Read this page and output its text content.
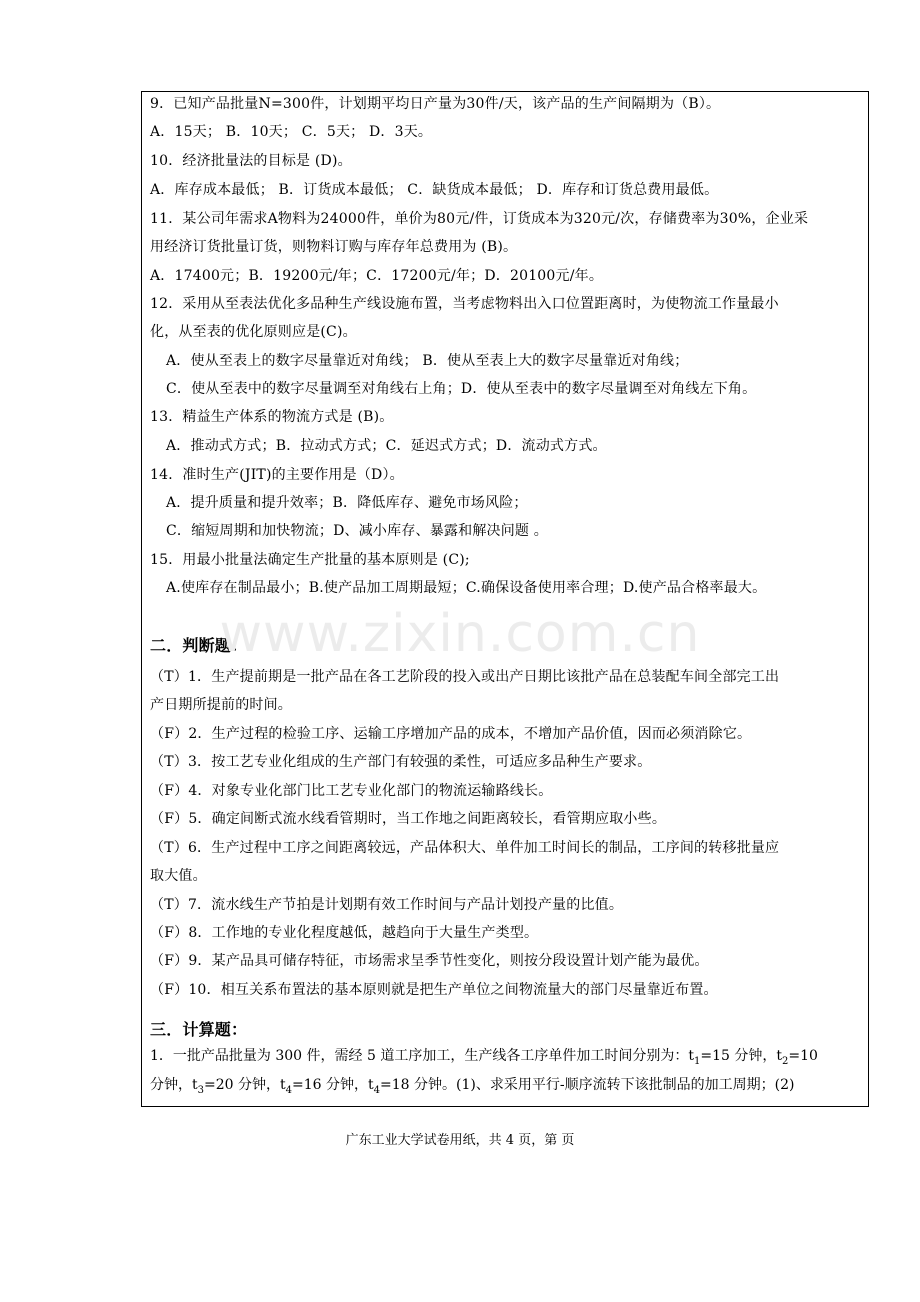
9．已知产品批量N=300件，计划期平均日产量为30件/天，该产品的生产间隔期为（B）。
A．15天； B．10天； C．5天； D．3天。
10．经济批量法的目标是 (D)。
A．库存成本最低； B．订货成本最低； C．缺货成本最低； D．库存和订货总费用最低。
11．某公司年需求A物料为24000件，单价为80元/件，订货成本为320元/次，存储费率为30%，企业采
用经济订货批量订货，则物料订购与库存年总费用为 (B)。
A．17400元；B．19200元/年；C．17200元/年；D．20100元/年。
12．采用从至表法优化多品种生产线设施布置，当考虑物料出入口位置距离时，为使物流工作量最小
化，从至表的优化原则应是(C)。
A．使从至表上的数字尽量靠近对角线； B．使从至表上大的数字尽量靠近对角线；
C．使从至表中的数字尽量调至对角线右上角；D．使从至表中的数字尽量调至对角线左下角。
13．精益生产体系的物流方式是 (B)。
A．推动式方式；B．拉动式方式；C．延迟式方式；D．流动式方式。
14．准时生产(JIT)的主要作用是（D）。
A．提升质量和提升效率；B．降低库存、避免市场风险；
C．缩短周期和加快物流；D、减小库存、暴露和解决问题 。
15．用最小批量法确定生产批量的基本原则是 (C);
A.使库存在制品最小；B.使产品加工周期最短；C.确保设备使用率合理；D.使产品合格率最大。
二．判断题：
（T）1．生产提前期是一批产品在各工艺阶段的投入或出产日期比该批产品在总装配车间全部完工出
产日期所提前的时间。
（F）2．生产过程的检验工序、运输工序增加产品的成本，不增加产品价值，因而必须消除它。
（T）3．按工艺专业化组成的生产部门有较强的柔性，可适应多品种生产要求。
（F）4．对象专业化部门比工艺专业化部门的物流运输路线长。
（F）5．确定间断式流水线看管期时，当工作地之间距离较长，看管期应取小些。
（T）6．生产过程中工序之间距离较远，产品体积大、单件加工时间长的制品，工序间的转移批量应
取大值。
（T）7．流水线生产节拍是计划期有效工作时间与产品计划投产量的比值。
（F）8．工作地的专业化程度越低，越趋向于大量生产类型。
（F）9．某产品具可储存特征，市场需求呈季节性变化，则按分段设置计划产能为最优。
（F）10．相互关系布置法的基本原则就是把生产单位之间物流量大的部门尽量靠近布置。
三．计算题：
1．一批产品批量为 300 件，需经 5 道工序加工，生产线各工序单件加工时间分别为：$t_1=15$ 分钟，$t_2=10$
分钟，$t_3=20$ 分钟，$t_4=16$ 分钟，$t_4=18$ 分钟。(1)、求采用平行-顺序流转下该批制品的加工周期；(2)
www.zixin.com.cn
广东工业大学试卷用纸，共 4 页，第 页
